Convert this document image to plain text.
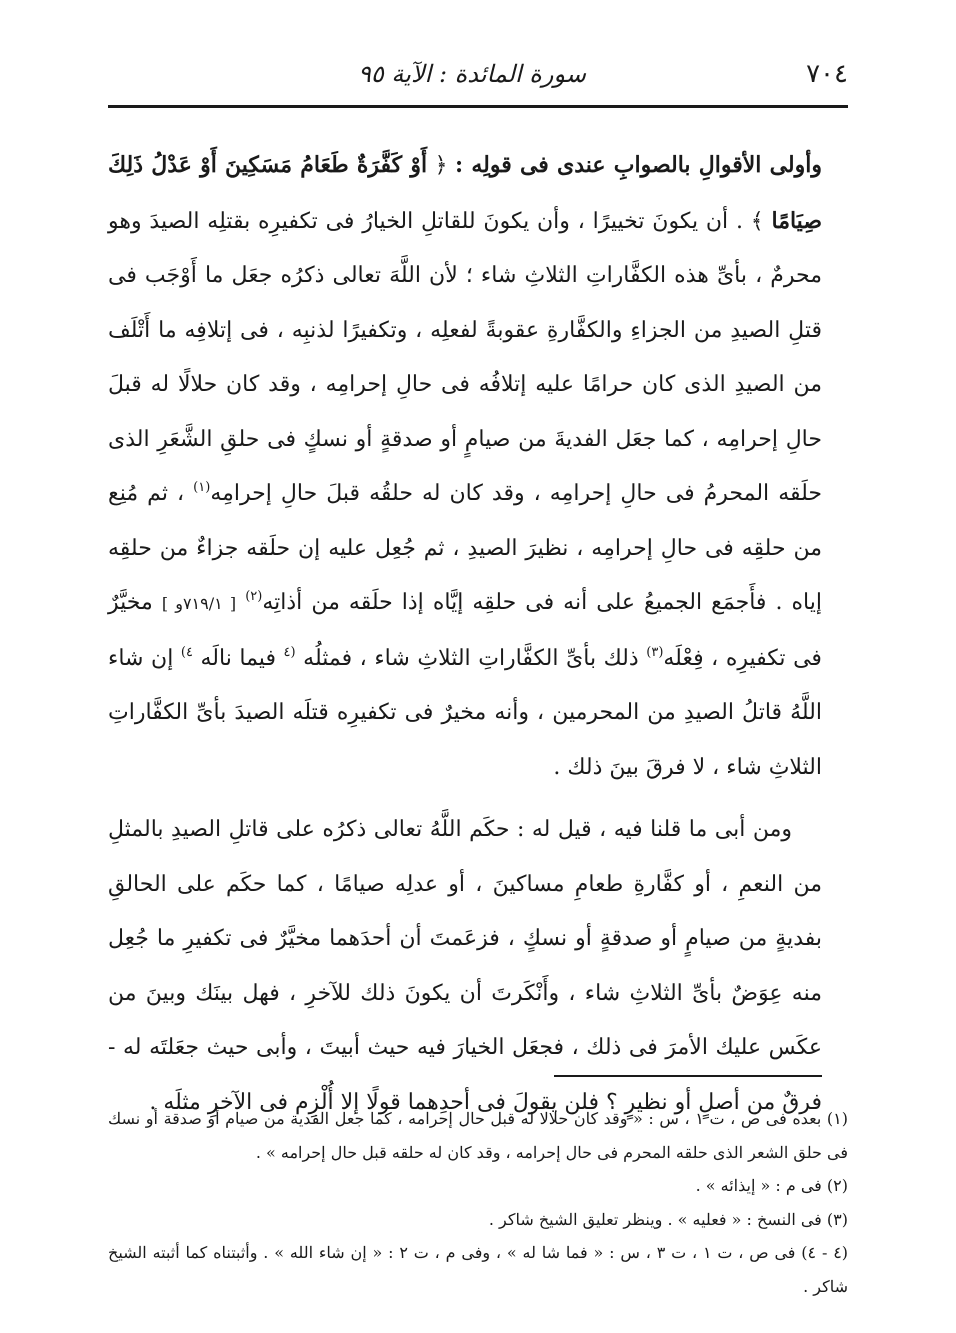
٧٠٤
سورة المائدة : الآية ٩٥

وأولى الأقوالِ بالصوابِ عندى فى قولِه : ﴿ أَوْ كَفَّرَةٌ طَعَامُ مَسَكِينَ أَوْ عَدْلُ ذَلِكَ صِيَامًا ﴾ . أن يكونَ تخييرًا ، وأن يكونَ للقاتلِ الخيارُ فى تكفيرِه بقتلِه الصيدَ وهو محرمٌ ، بأىِّ هذه الكفَّاراتِ الثلاثِ شاء ؛ لأن اللَّهَ تعالى ذكرُه جعَل ما أَوْجَب فى قتلِ الصيدِ من الجزاءِ والكفَّارةِ عقوبةً لفعلِه ، وتكفيرًا لذنبِه ، فى إتلافِه ما أَتْلَف من الصيدِ الذى كان حرامًا عليه إتلافُه فى حالِ إحرامِه ، وقد كان حلالًا له قبلَ حالِ إحرامِه ، كما جعَل الفديةَ من صيامٍ أو صدقةٍ أو نسكٍ فى حلقِ الشَّعَرِ الذى حلَقه المحرمُ فى حالِ إحرامِه ، وقد كان له حلقُه قبلَ حالِ إحرامِه$^{(١)}$ ، ثم مُنِع من حلقِه فى حالِ إحرامِه ، نظيرَ الصيدِ ، ثم جُعِل عليه إن حلَقه جزاءٌ من حلقِه إياه . فأَجمَع الجميعُ على أنه فى حلقِه إيَّاه إذا حلَقه من أذاتِه$^{(٢)}$ [ ٧١٩/١و ] مخيَّرٌ فى تكفيرِه ، فِعْلَه$^{(٣)}$ ذلك بأىِّ الكفَّاراتِ الثلاثِ شاء ، فمثلُه $^{(٤}$ فيما نالَه $^{٤)}$ إن شاء اللَّهُ قاتلُ الصيدِ من المحرمين ، وأنه مخيرٌ فى تكفيرِه قتلَه الصيدَ بأىِّ الكفَّاراتِ الثلاثِ شاء ، لا فرقَ بينَ ذلك .

ومن أبى ما قلنا فيه ، قيل له : حكَم اللَّهُ تعالى ذكرُه على قاتلِ الصيدِ بالمثلِ من النعمِ ، أو كفَّارةِ طعامِ مساكينَ ، أو عدلِه صيامًا ، كما حكَم على الحالقِ بفديةٍ من صيامٍ أو صدقةٍ أو نسكٍ ، فزعَمتَ أن أحدَهما مخيَّرٌ فى تكفيرِ ما جُعِل منه عِوَضٌ بأىِّ الثلاثِ شاء ، وأَنْكَرتَ أن يكونَ ذلك للآخرِ ، فهل بينَك وبينَ من عكَس عليك الأمرَ فى ذلك ، فجعَل الخيارَ فيه حيث أبيتَ ، وأبى حيث جعَلتَه له - فرقٌ من أصلٍ أو نظيرٍ ؟ فلن يقولَ فى أحدِهما قولًا إلا أُلْزِم فى الآخرِ مثلَه .

(١) بعده فى ص ، ت ١ ، س : « وقد كان حلالا له قبل حال إحرامه ، كما جعل الفدية من صيام أو صدقة أو نسك فى حلق الشعر الذى حلقه المحرم فى حال إحرامه ، وقد كان له حلقه قبل حال إحرامه » .

(٢) فى م : « إيذائه » .

(٣) فى النسخ : « فعليه » . وينظر تعليق الشيخ شاكر .

(٤ - ٤) فى ص ، ت ١ ، ت ٣ ، س : « فما شا له » ، وفى م ، ت ٢ : « إن شاء الله » . وأثبتناه كما أثبته الشيخ شاكر .
